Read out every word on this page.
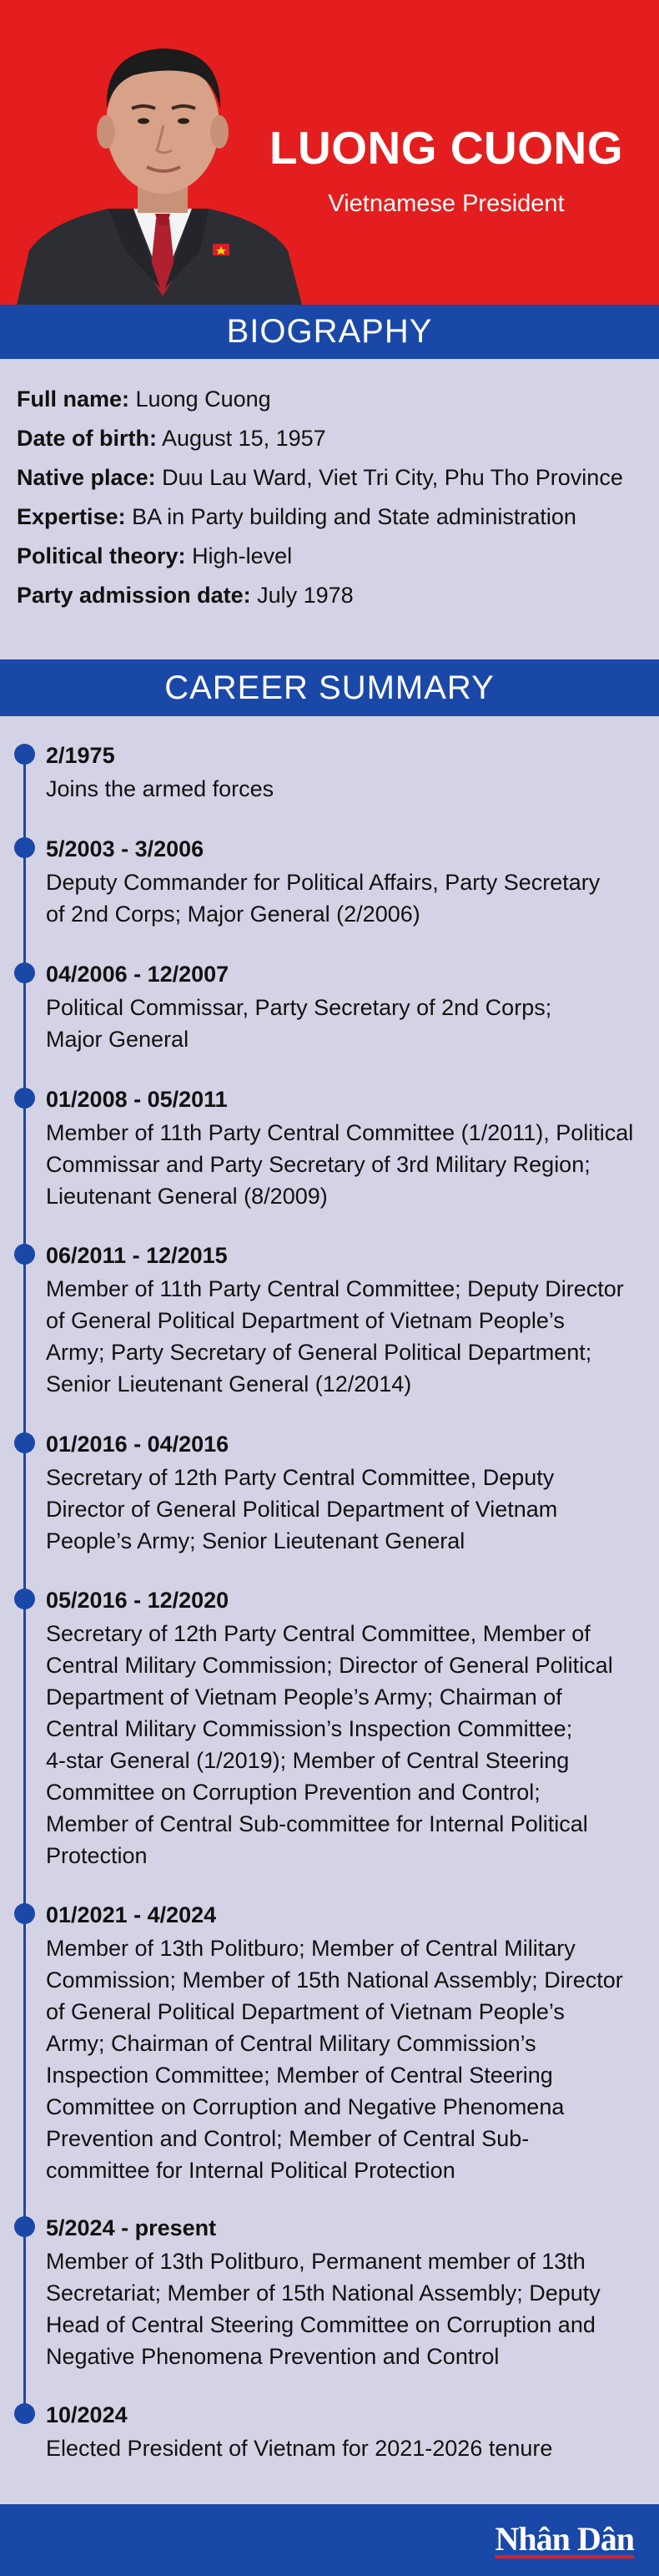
LUONG CUONG
Vietnamese President
BIOGRAPHY
Full name: Luong Cuong
Date of birth: August 15, 1957
Native place: Duu Lau Ward, Viet Tri City, Phu Tho Province
Expertise: BA in Party building and State administration
Political theory: High-level
Party admission date: July 1978
CAREER SUMMARY
2/1975
Joins the armed forces
5/2003 - 3/2006
Deputy Commander for Political Affairs, Party Secretary
of 2nd Corps; Major General (2/2006)
04/2006 - 12/2007
Political Commissar, Party Secretary of 2nd Corps;
Major General
01/2008 - 05/2011
Member of 11th Party Central Committee (1/2011), Political
Commissar and Party Secretary of 3rd Military Region;
Lieutenant General (8/2009)
06/2011 - 12/2015
Member of 11th Party Central Committee; Deputy Director
of General Political Department of Vietnam People’s
Army; Party Secretary of General Political Department;
Senior Lieutenant General (12/2014)
01/2016 - 04/2016
Secretary of 12th Party Central Committee, Deputy
Director of General Political Department of Vietnam
People’s Army; Senior Lieutenant General
05/2016 - 12/2020
Secretary of 12th Party Central Committee, Member of
Central Military Commission; Director of General Political
Department of Vietnam People’s Army; Chairman of
Central Military Commission’s Inspection Committee;
4-star General (1/2019); Member of Central Steering
Committee on Corruption Prevention and Control;
Member of Central Sub-committee for Internal Political
Protection
01/2021 - 4/2024
Member of 13th Politburo; Member of Central Military
Commission; Member of 15th National Assembly; Director
of General Political Department of Vietnam People’s
Army; Chairman of Central Military Commission’s
Inspection Committee; Member of Central Steering
Committee on Corruption and Negative Phenomena
Prevention and Control; Member of Central Sub-
committee for Internal Political Protection
5/2024 - present
Member of 13th Politburo, Permanent member of 13th
Secretariat; Member of 15th National Assembly; Deputy
Head of Central Steering Committee on Corruption and
Negative Phenomena Prevention and Control
10/2024
Elected President of Vietnam for 2021-2026 tenure
Nhân Dân
